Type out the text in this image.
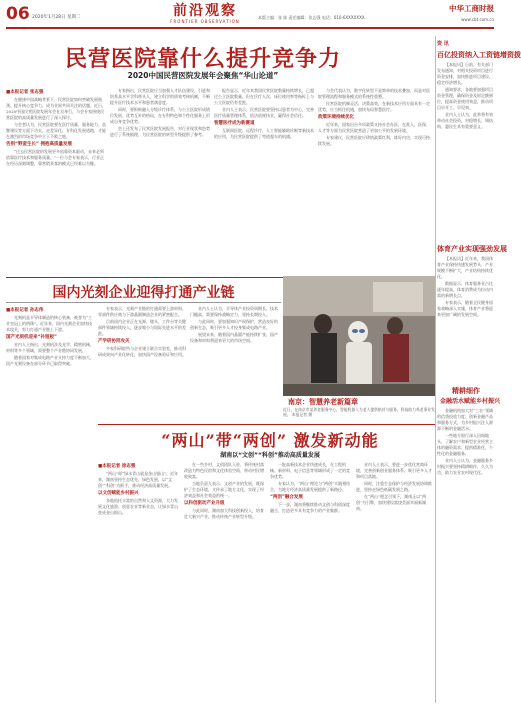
06 2020年1月28日 星期二	前沿观察
FRONTIER OBSERVATION
本版主编：张 陈 责任编辑：张志强 电话：010-6XXXXXXX
中华工商时报
www.cbt.com.cn
民营医院靠什么提升竞争力
2020中国民营医院发展年会聚焦“华山论道”
■本报记者 张志强
在健康中国战略背景下，民营医院如何突破发展瓶颈、提升核心竞争力，成为业界共同关注的话题。近日，2020中国民营医院发展年会在京举行，与会专家围绕民营医院的高质量发展进行了深入探讨。
与会者认为，民营医院要在医疗质量、服务能力、品牌建设等方面下功夫，走差异化、专科化发展道路，才能在激烈的市场竞争中立于不败之地。
告别“野蛮生长” 拥抱高质量发展
“过去民营医院的发展更多依靠资本驱动，未来必须依靠医疗技术和服务质量。”一位与会专家表示，行业正在经历深刻调整，靠营销获客的模式已经难以为继。
专家指出，民营医院应当加强人才队伍建设，引进和培养高水平学科带头人，建立科学的绩效考核机制，不断提升医疗技术水平和患者满意度。
同时，要积极融入分级诊疗体系，与公立医院形成错位发展、优势互补的格局，在专科特色和个性化服务上形成自身竞争优势。
会上还发布了民营医院发展报告，对行业现状和趋势进行了系统梳理，为民营医院的转型升级提供了参考。
报告显示，近年来我国民营医院数量持续增长，已超过公立医院数量，但在诊疗人次、床位使用率等指标上与公立医院仍有差距。
业内人士表示，民营医院要坚持以患者为中心，完善医疗质量管理体系，依法依规执业，赢得社会信任。
智慧医疗成为新赛道
互联网医院、远程诊疗、人工智能辅助诊断等新技术的应用，为民营医院提供了弯道超车的机遇。
与会代表认为，数字化转型不是简单的技术叠加，而是对医院管理流程和服务模式的系统性重塑。
民营医院机制灵活、决策高效，在新技术应用方面具有一定优势，应当抓住机遇，加快布局智慧医疗。
政策环境持续优化
近年来，国家出台多项政策支持社会办医，在准入、医保、人才等方面为民营医院营造了更加公平的发展环境。
专家建议，民营医院应珍惜政策红利，练好内功，实现可持续发展。
国内光刻企业迎得打通产业链
■本报记者 孙志伟
光刻机是半导体制造的核心装备，被誉为“工业皇冠上的明珠”。近年来，国内光刻企业加快技术攻关，努力打通产业链上下游。
国产光刻机迎来“补短板”
业内人士指出，光刻机涉及光学、精密机械、材料等多个领域，需要整个产业链协同发展。
随着国家对集成电路产业支持力度不断加大，国产光刻设备在部分环节已取得突破。
专家表示，光刻产业链的打通需要上游材料、零部件供应商与下游晶圆制造企业的紧密配合。
目前国内企业正在光源、镜头、工件台等关键部件领域持续投入，逐步缩小与国际先进水平的差距。
产学研协同攻关
多家科研院所与企业建立联合实验室，推动科研成果向产业化转化，加快国产设备验证和应用。
业内人士认为，半导体产业投资周期长、技术门槛高，需要保持战略定力，坚持长期投入。
与此同时，要加强知识产权保护，营造良好的创新生态，吸引更多人才投身集成电路产业。
展望未来，随着国内晶圆产能持续扩张，国产设备和材料将迎来更大的市场空间。
南京：智慧养老新篇章
近日，在南京市某养老服务中心，智能机器人为老人提供陪伴与服务，科技助力养老事业发展。 本报记者 摄
“两山”带“两创” 激发新动能
湖南以“文创”“科创”推动高质量发展
■本报记者 徐志强
“两山”即“绿水青山就是金山银山”，近年来，湖南坚持生态优先、绿色发展，以“文创”“科创”为抓手，推动经济高质量发展。
以文创赋能乡村振兴
各地依托丰富的自然和人文资源，大力发展文化旅游、创意农业等新业态，让绿水青山变成金山银山。
在一些乡村，文创团队入驻，将传统村落改造为特色民宿和文化体验空间，带动村民增收致富。
当地负责人表示，文创产业的发展，既保护了生态环境，又传承了地方文化，实现了经济效益和社会效益的统一。
以科创驱动产业升级
与此同时，湖南加大科技创新投入，培育壮大新兴产业，推动传统产业转型升级。
一批高新技术企业快速成长，在工程机械、新材料、电子信息等领域形成了一定的竞争优势。
专家认为，“两山”理论与“两创”实践相结合，为地方经济高质量发展提供了新路径。
“两创”融合发展
下一步，湖南将继续推动文创与科创深度融合，打造更多具有竞争力的产业集群。
业内人士表示，要进一步优化营商环境，完善创新创业服务体系，吸引更多人才和项目落地。
同时，注重生态保护与经济发展协调推进，坚持走绿色低碳发展之路。
在“两山”理念引领下，湖南正以“两创”为引擎，加快建设富饶美丽幸福新湖南。
资 讯
百亿投资纳入工资链增资拨
【本报讯】日前，有关部门发布通知，对相关投资项目进行资金安排，加快推进项目建设，稳定经济增长。
通知要求，各地要加强项目资金管理，确保资金及时足额到位，提高资金使用效益，推动项目早开工、早见效。
业内人士认为，此举将有效带动社会投资，对稳增长、调结构、惠民生具有重要意义。
体育产业实现强劲发展
【本报讯】近年来，我国体育产业保持快速发展势头，产业规模不断扩大，产业结构持续优化。
数据显示，体育服务业占比逐年提高，体育消费成为拉动内需的新增长点。
专家表示，随着全民健身国家战略深入实施，体育产业将迎来更加广阔的发展空间。
精耕细作
金融活水赋能乡村振兴
金融机构加大对“三农”领域的信贷投放力度，创新金融产品和服务方式，为乡村振兴注入源源不断的金融活水。
一些地方银行深入田间地头，了解农户和新型农业经营主体的融资需求，提供精准化、个性化的金融服务。
业内人士认为，金融服务乡村振兴要坚持精耕细作，久久为功，助力农业农村现代化。
